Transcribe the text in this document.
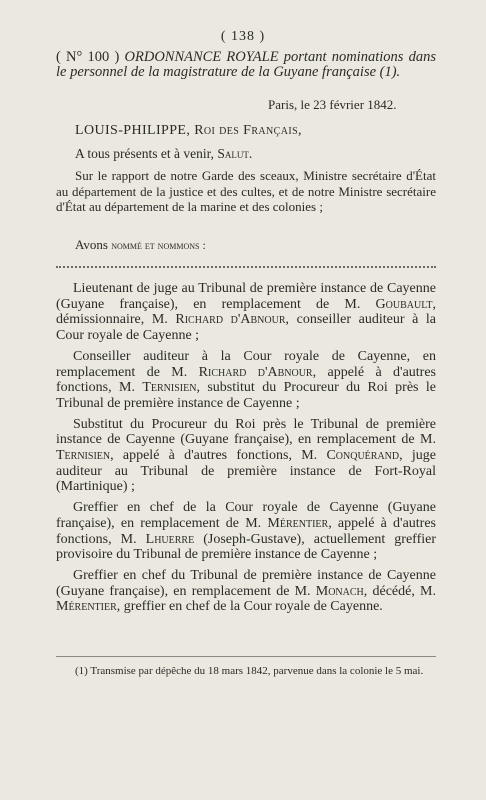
( 138 )

( N° 100 ) ORDONNANCE ROYALE portant nominations dans le personnel de la magistrature de la Guyane française (1).

Paris, le 23 février 1842.
LOUIS-PHILIPPE, Roi des Français,
A tous présents et à venir, Salut.

Sur le rapport de notre Garde des sceaux, Ministre secrétaire d'État au département de la justice et des cultes, et de notre Ministre secrétaire d'État au département de la marine et des colonies ;

Avons nommé et nommons :
Lieutenant de juge au Tribunal de première instance de Cayenne (Guyane française), en remplacement de M. Goubault, démissionnaire, M. Richard d'Abnour, conseiller auditeur à la Cour royale de Cayenne ;
Conseiller auditeur à la Cour royale de Cayenne, en remplacement de M. Richard d'Abnour, appelé à d'autres fonctions, M. Ternisien, substitut du Procureur du Roi près le Tribunal de première instance de Cayenne ;
Substitut du Procureur du Roi près le Tribunal de première instance de Cayenne (Guyane française), en remplacement de M. Ternisien, appelé à d'autres fonctions, M. Conquérand, juge auditeur au Tribunal de première instance de Fort-Royal (Martinique) ;
Greffier en chef de la Cour royale de Cayenne (Guyane française), en remplacement de M. Mérentier, appelé à d'autres fonctions, M. Lhuerre (Joseph-Gustave), actuellement greffier provisoire du Tribunal de première instance de Cayenne ;
Greffier en chef du Tribunal de première instance de Cayenne (Guyane française), en remplacement de M. Monach, décédé, M. Mérentier, greffier en chef de la Cour royale de Cayenne.

(1) Transmise par dépêche du 18 mars 1842, parvenue dans la colonie le 5 mai.
